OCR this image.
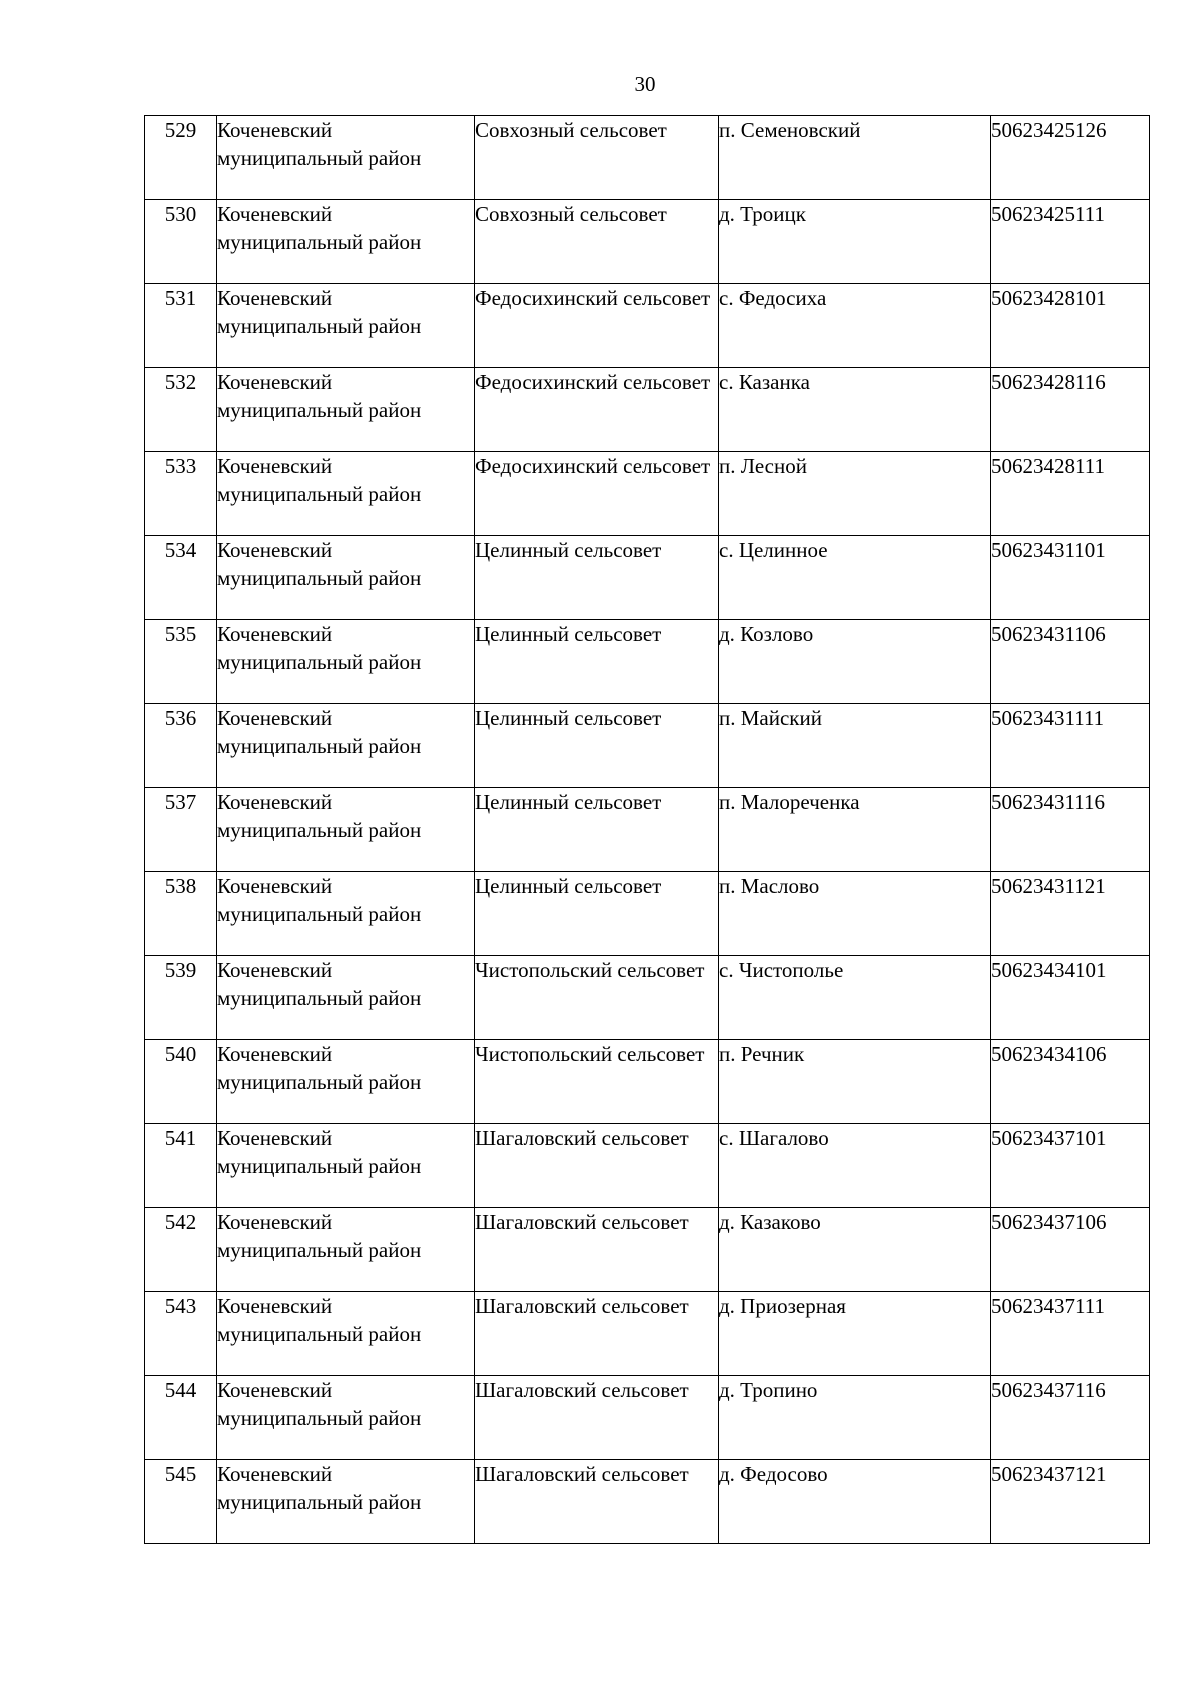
30
529	Коченевский муниципальный район	Совхозный сельсовет	п. Семеновский	50623425126
530	Коченевский муниципальный район	Совхозный сельсовет	д. Троицк	50623425111
531	Коченевский муниципальный район	Федосихинский сельсовет	с. Федосиха	50623428101
532	Коченевский муниципальный район	Федосихинский сельсовет	с. Казанка	50623428116
533	Коченевский муниципальный район	Федосихинский сельсовет	п. Лесной	50623428111
534	Коченевский муниципальный район	Целинный сельсовет	с. Целинное	50623431101
535	Коченевский муниципальный район	Целинный сельсовет	д. Козлово	50623431106
536	Коченевский муниципальный район	Целинный сельсовет	п. Майский	50623431111
537	Коченевский муниципальный район	Целинный сельсовет	п. Малореченка	50623431116
538	Коченевский муниципальный район	Целинный сельсовет	п. Маслово	50623431121
539	Коченевский муниципальный район	Чистопольский сельсовет	с. Чистополье	50623434101
540	Коченевский муниципальный район	Чистопольский сельсовет	п. Речник	50623434106
541	Коченевский муниципальный район	Шагаловский сельсовет	с. Шагалово	50623437101
542	Коченевский муниципальный район	Шагаловский сельсовет	д. Казаково	50623437106
543	Коченевский муниципальный район	Шагаловский сельсовет	д. Приозерная	50623437111
544	Коченевский муниципальный район	Шагаловский сельсовет	д. Тропино	50623437116
545	Коченевский муниципальный район	Шагаловский сельсовет	д. Федосово	50623437121
